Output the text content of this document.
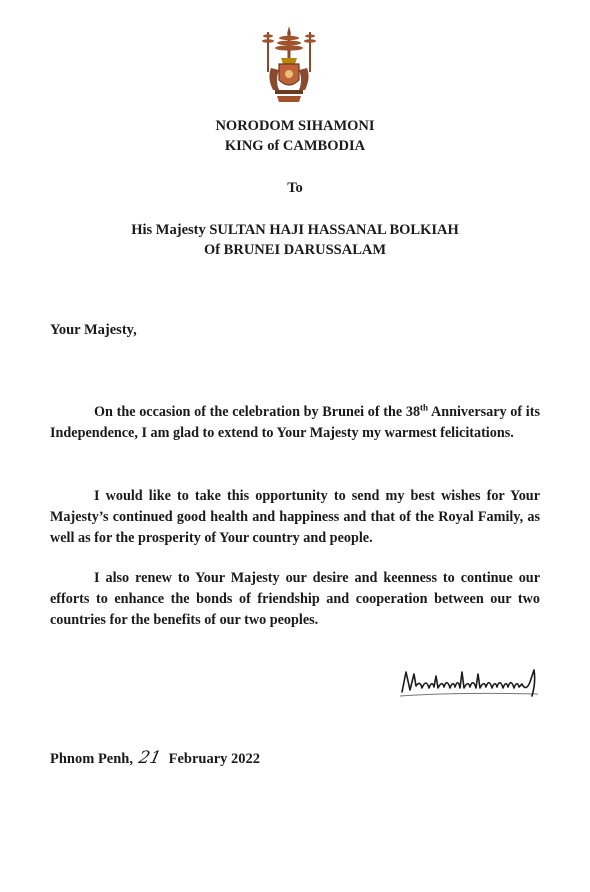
NORODOM SIHAMONI
KING of CAMBODIA
To
His Majesty SULTAN HAJI HASSANAL BOLKIAH
Of BRUNEI DARUSSALAM
Your Majesty,

On the occasion of the celebration by Brunei of the 38th Anniversary of its Independence, I am glad to extend to Your Majesty my warmest felicitations.

I would like to take this opportunity to send my best wishes for Your Majesty’s continued good health and happiness and that of the Royal Family, as well as for the prosperity of Your country and people.

I also renew to Your Majesty our desire and keenness to continue our efforts to enhance the bonds of friendship and cooperation between our two countries for the benefits of our two peoples.

Phnom Penh, 21 February 2022
